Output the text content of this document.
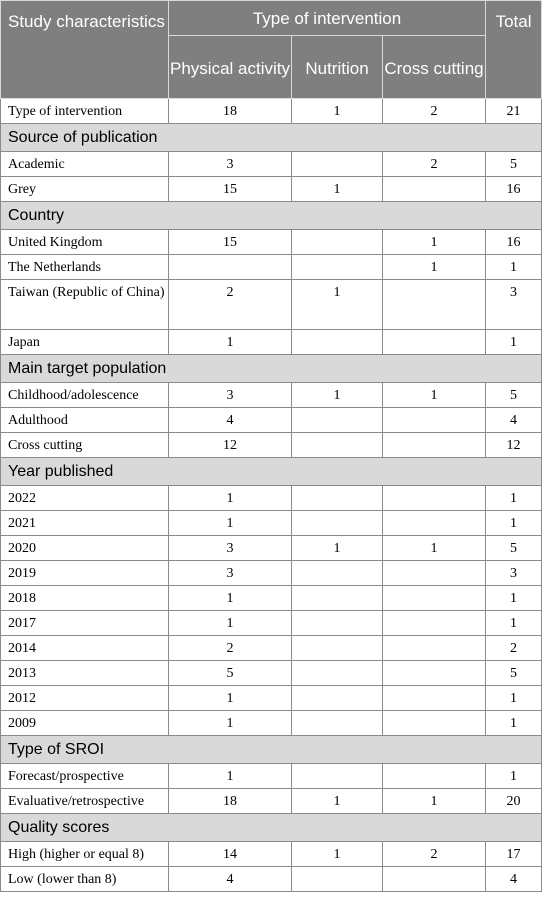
Study characteristics	Type of intervention			Total
	Physical activity	Nutrition	Cross cutting	
Type of intervention	18	1	2	21
Source of publication				
Academic	3		2	5
Grey	15	1		16
Country				
United Kingdom	15		1	16
The Netherlands			1	1
Taiwan (Republic of China)	2	1		3
Japan	1			1
Main target population				
Childhood/adolescence	3	1	1	5
Adulthood	4			4
Cross cutting	12			12
Year published				
2022	1			1
2021	1			1
2020	3	1	1	5
2019	3			3
2018	1			1
2017	1			1
2014	2			2
2013	5			5
2012	1			1
2009	1			1
Type of SROI				
Forecast/prospective	1			1
Evaluative/retrospective	18	1	1	20
Quality scores				
High (higher or equal 8)	14	1	2	17
Low (lower than 8)	4			4
